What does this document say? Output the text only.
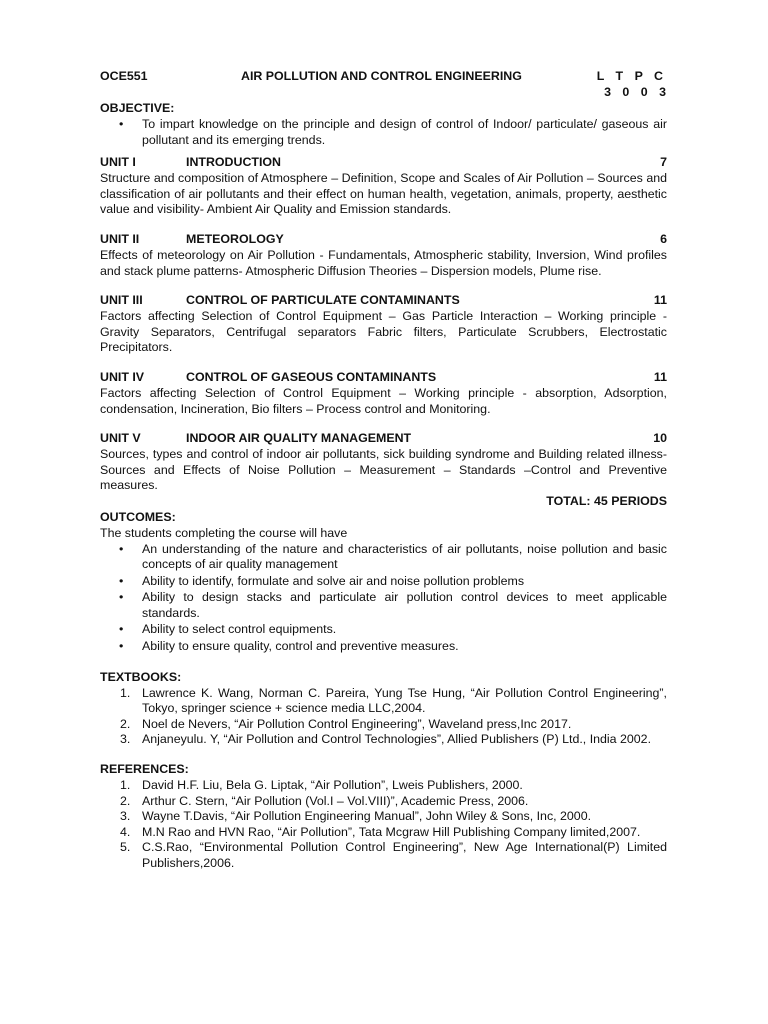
OCE551	AIR POLLUTION AND CONTROL ENGINEERING	L T P C
3 0 0 3
OBJECTIVE:
• To impart knowledge on the principle and design of control of Indoor/ particulate/ gaseous air pollutant and its emerging trends.
UNIT I	INTRODUCTION	7
Structure and composition of Atmosphere – Definition, Scope and Scales of Air Pollution – Sources and classification of air pollutants and their effect on human health, vegetation, animals, property, aesthetic value and visibility- Ambient Air Quality and Emission standards.
UNIT II	METEOROLOGY	6
Effects of meteorology on Air Pollution - Fundamentals, Atmospheric stability, Inversion, Wind profiles and stack plume patterns- Atmospheric Diffusion Theories – Dispersion models, Plume rise.
UNIT III	CONTROL OF PARTICULATE CONTAMINANTS	11
Factors affecting Selection of Control Equipment – Gas Particle Interaction – Working principle - Gravity Separators, Centrifugal separators Fabric filters, Particulate Scrubbers, Electrostatic Precipitators.
UNIT IV	CONTROL OF GASEOUS CONTAMINANTS	11
Factors affecting Selection of Control Equipment – Working principle - absorption, Adsorption, condensation, Incineration, Bio filters – Process control and Monitoring.
UNIT V	INDOOR AIR QUALITY MANAGEMENT	10
Sources, types and control of indoor air pollutants, sick building syndrome and Building related illness- Sources and Effects of Noise Pollution – Measurement – Standards –Control and Preventive measures.
TOTAL: 45 PERIODS
OUTCOMES:
The students completing the course will have
• An understanding of the nature and characteristics of air pollutants, noise pollution and basic concepts of air quality management
• Ability to identify, formulate and solve air and noise pollution problems
• Ability to design stacks and particulate air pollution control devices to meet applicable standards.
• Ability to select control equipments.
• Ability to ensure quality, control and preventive measures.
TEXTBOOKS:
1. Lawrence K. Wang, Norman C. Pareira, Yung Tse Hung, “Air Pollution Control Engineering”, Tokyo, springer science + science media LLC,2004.
2. Noel de Nevers, “Air Pollution Control Engineering”, Waveland press,Inc 2017.
3. Anjaneyulu. Y, “Air Pollution and Control Technologies”, Allied Publishers (P) Ltd., India 2002.
REFERENCES:
1. David H.F. Liu, Bela G. Liptak, “Air Pollution”, Lweis Publishers, 2000.
2. Arthur C. Stern, “Air Pollution (Vol.I – Vol.VIII)”, Academic Press, 2006.
3. Wayne T.Davis, “Air Pollution Engineering Manual”, John Wiley & Sons, Inc, 2000.
4. M.N Rao and HVN Rao, “Air Pollution”, Tata Mcgraw Hill Publishing Company limited,2007.
5. C.S.Rao, “Environmental Pollution Control Engineering”, New Age International(P) Limited Publishers,2006.
